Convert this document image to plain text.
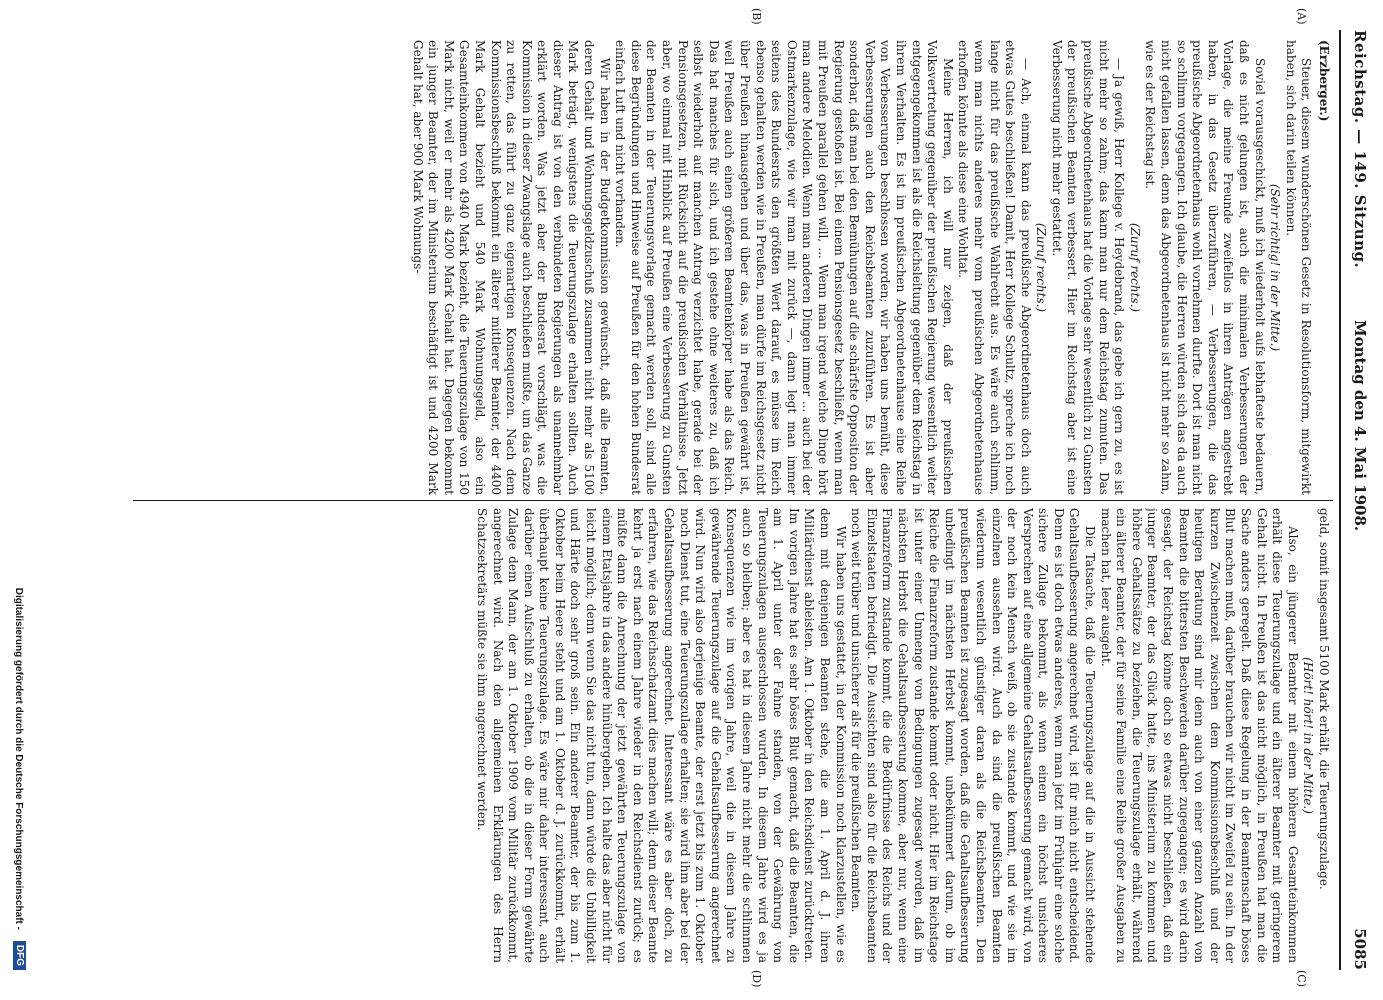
Reichstag. — 149. Sitzung.
Montag den 4. Mai 1908.
5085
(A)
(B)
(C)
(D)

(Erzberger.)

Steuer, diesem wunderschönen Gesetz in Resolutionsform, mitgewirkt haben, sich darin teilen können.

(Sehr richtig! in der Mitte.)

Soviel vorausgeschickt, muß ich wiederholt aufs lebhafteste bedauern, daß es nicht gelungen ist, auch die minimalen Verbesserungen der Vorlage, die meine Freunde zweifellos in ihren Anträgen angestrebt haben, in das Gesetz überzuführen, — Verbesserungen, die das preußische Abgeordnetenhaus wohl vornehmen durfte. Dort ist man nicht so schlimm vorgegangen. Ich glaube, die Herren würden sich das da auch nicht gefallen lassen, denn das Abgeordnetenhaus ist nicht mehr so zahm, wie es der Reichstag ist.

(Zuruf rechts.)

— Ja gewiß, Herr Kollege v. Heydebrand, das gebe ich gern zu, es ist nicht mehr so zahm; das kann man nur dem Reichstag zumuten. Das preußische Abgeordnetenhaus hat die Vorlage sehr wesentlich zu Gunsten der preußischen Beamten verbessert. Hier im Reichstag aber ist eine Verbesserung nicht mehr gestattet.

(Zuruf rechts.)

— Ach, einmal kann das preußische Abgeordnetenhaus doch auch etwas Gutes beschließen! Damit, Herr Kollege Schultz, spreche ich noch lange nicht für das preußische Wahlrecht aus. Es wäre auch schlimm, wenn man nichts anderes mehr vom preußischen Abgeordnetenhause erhoffen könnte als diese eine Wohltat.

Meine Herren, ich will nur zeigen, daß der preußischen Volksvertretung gegenüber der preußischen Regierung wesentlich weiter entgegengekommen ist als die Reichsleitung gegenüber dem Reichstag in ihrem Verhalten. Es ist im preußischen Abgeordnetenhause eine Reihe von Verbesserungen beschlossen worden; wir haben uns bemüht, diese Verbesserungen auch den Reichsbeamten zuzuführen. Es ist aber sonderbar, daß man bei den Bemühungen auf die schärfste Opposition der Regierung gestoßen ist. Bei einem Pensionsgesetz beschließt, wenn man mit Preußen parallel gehen will, ... Wenn man irgend welche Dinge hört man andere Melodien. Wenn man anderen Dingen immer ... auch bei der Ostmarkenzulage, wie wir man mit zurück —, dann legt man immer seitens des Bundesrats den größten Wert darauf, es müsse im Reich ebenso gehalten werden wie in Preußen, man dürfe im Reichsgesetz nicht über Preußen hinausgehen und über das, was in Preußen gewährt ist, weil Preußen auch einen größeren Beamtenkörper habe als das Reich. Das hat manches für sich, und ich gestehe ohne weiteres zu, daß ich selbst wiederholt auf manchen Antrag verzichtet habe, gerade bei der Pensionsgesetzen, mit Rücksicht auf die preußischen Verhältnisse. Jetzt aber, wo einmal mit Hinblick auf Preußen eine Verbesserung zu Gunsten der Beamten in der Teuerungsvorlage gemacht werden soll, sind alle diese Begründungen und Hinweise auf Preußen für den hohen Bundesrat einfach Luft und nicht vorhanden.

Wir haben in der Budgetkommission gewünscht, daß alle Beamten, deren Gehalt und Wohnungsgeldzuschuß zusammen nicht mehr als 5100 Mark beträgt, wenigstens die Teuerungszulage erhalten sollten. Auch dieser Antrag ist von den verbündeten Regierungen als unannehmbar erklärt worden. Was jetzt aber der Bundesrat vorschlägt, was die Kommission in dieser Zwangslage auch beschließen mußte, um das Ganze zu retten, das führt zu ganz eigenartigen Konsequenzen. Nach dem Kommissionsbeschluß bekommt ein älterer mittlerer Beamter, der 4400 Mark Gehalt bezieht und 540 Mark Wohnungsgeld, also ein Gesamteinkommen von 4940 Mark bezieht, die Teuerungszulage von 150 Mark nicht, weil er mehr als 4200 Mark Gehalt hat. Dagegen bekommt ein junger Beamter, der im Ministerium beschäftigt ist und 4200 Mark Gehalt hat, aber 900 Mark Wohnungs-

geld, somit insgesamt 5100 Mark erhält, die Teuerungszulage.

(Hört! hört! in der Mitte.)

Also, ein jüngerer Beamter mit einem höheren Gesamteinkommen erhält diese Teuerungszulage und ein älterer Beamter mit geringerem Gehalt nicht. In Preußen ist das nicht möglich, in Preußen hat man die Sache anders geregelt. Daß diese Regelung in der Beamtenschaft böses Blut machen muß, darüber brauchen wir nicht im Zweifel zu sein. In der kurzen Zwischenzeit zwischen dem Kommissionsbeschluß und der heutigen Beratung sind mir denn auch von einer ganzen Anzahl von Beamten die bittersten Beschwerden darüber zugegangen; es wird darin gesagt, der Reichstag könne doch so etwas nicht beschließen, daß ein junger Beamter, der das Glück hatte, ins Ministerium zu kommen und höhere Gehaltssätze zu beziehen, die Teuerungszulage erhält, während ein älterer Beamter, der für seine Familie eine Reihe großer Ausgaben zu machen hat, leer ausgeht.

Die Tatsache, daß die Teuerungszulage auf die in Aussicht stehende Gehaltsaufbesserung angerechnet wird, ist für mich nicht entscheidend. Denn es ist doch etwas anderes, wenn man jetzt im Frühjahr eine solche sichere Zulage bekommt, als wenn einem ein höchst unsicheres Versprechen auf eine allgemeine Gehaltsaufbesserung gemacht wird, von der noch kein Mensch weiß, ob sie zustande kommt, und wie sie im einzelnen aussehen wird. Auch da sind die preußischen Beamten wiederum wesentlich günstiger daran als die Reichsbeamten. Den preußischen Beamten ist zugesagt worden, daß die Gehaltsaufbesserung unbedingt im nächsten Herbst kommt, unbekümmert darum, ob im Reiche die Finanzreform zustande kommt oder nicht. Hier im Reichstage ist unter einer Unmenge von Bedingungen zugesagt worden, daß im nächsten Herbst die Gehaltsaufbesserung komme, aber nur, wenn eine Finanzreform zustande kommt, die die Bedürfnisse des Reichs und der Einzelstaaten befriedigt. Die Aussichten sind also für die Reichsbeamten noch weit trüber und unsicherer als für die preußischen Beamten.

Wir haben uns gestattet, in der Kommission noch klarzustellen, wie es denn mit denjenigen Beamten stehe, die am 1. April d. J. ihren Militärdienst ableisten. Am 1. Oktober in den Reichsdienst zurücktreten. Im vorigen Jahre hat es sehr böses Blut gemacht, daß die Beamten, die am 1. April unter der Fahne standen, von der Gewährung von Teuerungszulagen ausgeschlossen wurden. In diesem Jahre wird es ja auch so bleiben; aber es hat in diesem Jahre nicht mehr die schlimmen Konsequenzen wie im vorigen Jahre, weil die in diesem Jahre zu gewährende Teuerungszulage auf die Gehaltsaufbesserung angerechnet wird. Nun wird also derjenige Beamte, der erst jetzt bis zum 1. Oktober noch Dienst tut, eine Teuerungszulage erhalten; sie wird ihm aber bei der Gehaltsaufbesserung angerechnet. Interessant wäre es aber doch, zu erfahren, wie das Reichsschatzamt dies machen will; denn dieser Beamte kehrt ja erst nach einem Jahre wieder in den Reichsdienst zurück; es müßte dann die Anrechnung der jetzt gewährten Teuerungszulage von einem Etatsjahre in das andere hinübergehen. Ich halte das aber nicht für leicht möglich; denn wenn Sie das nicht tun, dann würde die Unbilligkeit und Härte doch sehr groß sein. Ein anderer Beamter, der bis zum 1. Oktober beim Heere steht und am 1. Oktober d. J. zurückkommt, erhält überhaupt keine Teuerungszulage. Es wäre mir daher interessant, auch darüber einen Aufschluß zu erhalten, ob die in dieser Form gewährte Zulage dem Mann, der am 1. Oktober 1909 vom Militär zurückkommt, angerechnet wird. Nach den allgemeinen Erklärungen des Herrn Schatzsekretärs müßte sie ihm angerechnet werden.

Digitalisierung gefördert durch die Deutsche Forschungsgemeinschaft -
DFG
